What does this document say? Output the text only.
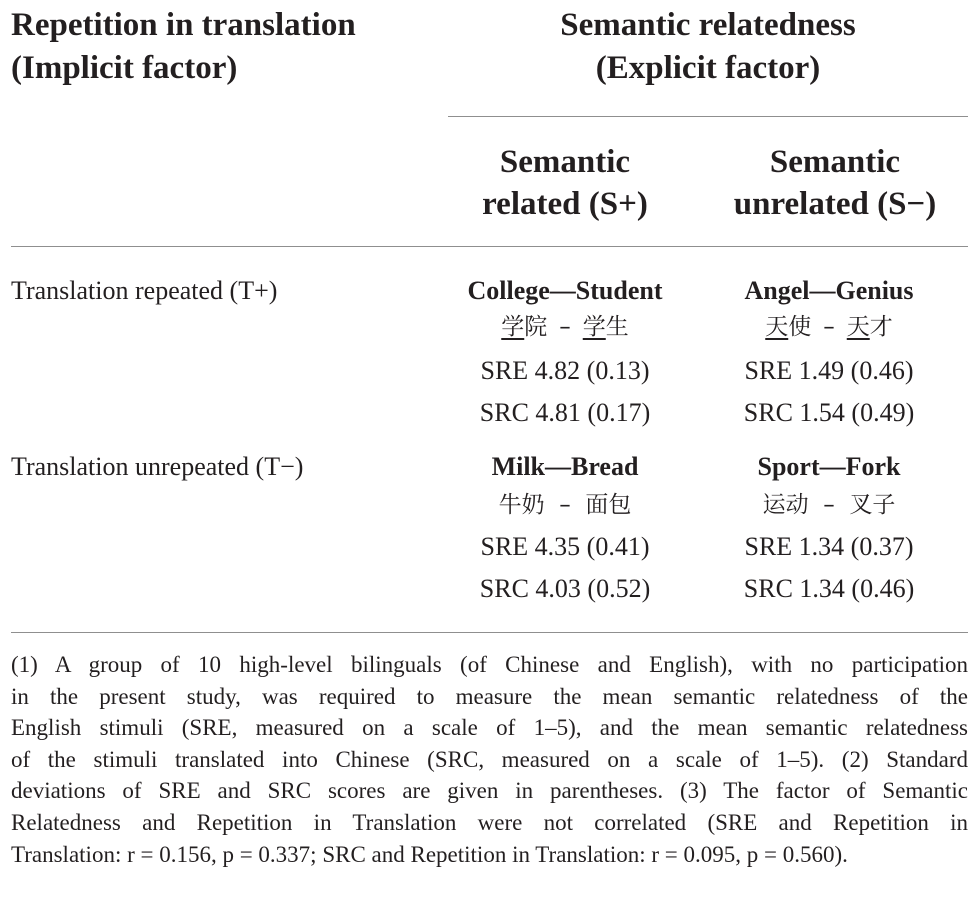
Repetition in translation
(Implicit factor)
Semantic relatedness
(Explicit factor)
Semantic
related (S+)
Semantic
unrelated (S−)
Translation repeated (T+)	College—Student
学院 – 学生
SRE 4.82 (0.13)
SRC 4.81 (0.17)
Angel—Genius
天使 – 天才
SRE 1.49 (0.46)
SRC 1.54 (0.49)
Translation unrepeated (T−)	Milk—Bread
牛奶  –  面包
SRE 4.35 (0.41)
SRC 4.03 (0.52)
Sport—Fork
运动  –  叉子
SRE 1.34 (0.37)
SRC 1.34 (0.46)
(1) A group of 10 high-level bilinguals (of Chinese and English), with no participation
in the present study, was required to measure the mean semantic relatedness of the
English stimuli (SRE, measured on a scale of 1–5), and the mean semantic relatedness
of the stimuli translated into Chinese (SRC, measured on a scale of 1–5). (2) Standard
deviations of SRE and SRC scores are given in parentheses. (3) The factor of Semantic
Relatedness and Repetition in Translation were not correlated (SRE and Repetition in
Translation: r = 0.156, p = 0.337; SRC and Repetition in Translation: r = 0.095, p = 0.560).
